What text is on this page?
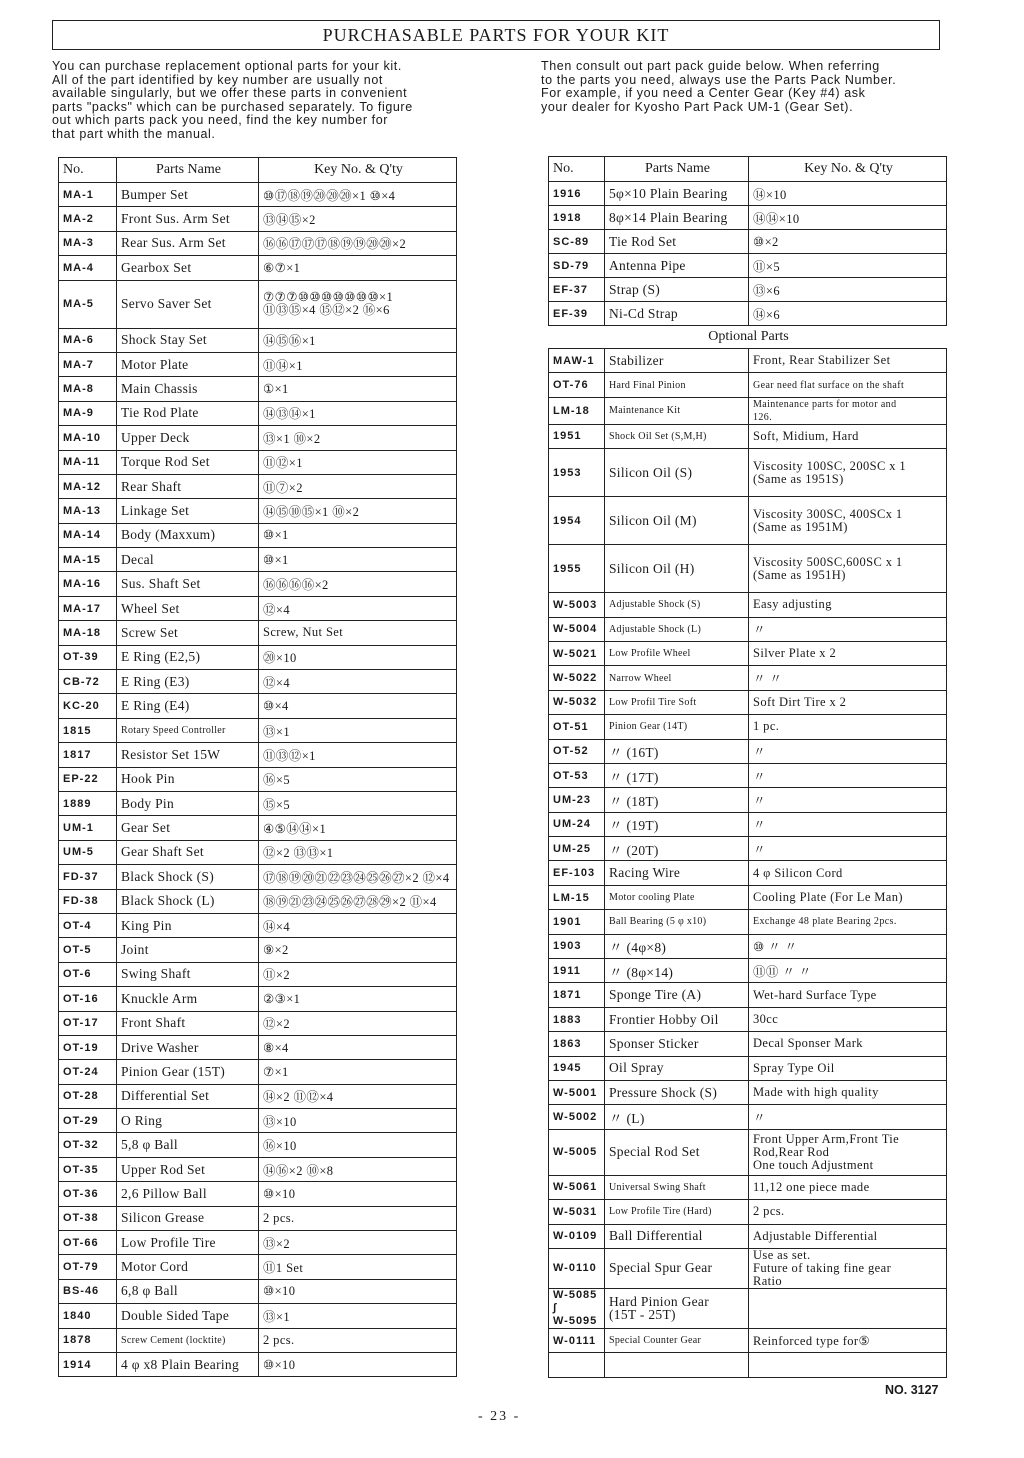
PURCHASABLE PARTS FOR YOUR KIT
You can purchase replacement optional parts for your kit.
All of the part identified by key number are usually not
available singularly, but we offer these parts in convenient
parts "packs" which can be purchased separately. To figure
out which parts pack you need, find the key number for
that part whith the manual.
Then consult out part pack guide below. When referring
to the parts you need, always use the Parts Pack Number.
For example, if you need a Center Gear (Key #4) ask
your dealer for Kyosho Part Pack UM-1 (Gear Set).
No.	Parts Name	Key No. & Q'ty
MA-1	Bumper Set	⑩⑰⑱⑲⑳⑳⑳×1 ⑩×4
MA-2	Front Sus. Arm Set	⑬⑭⑮×2
MA-3	Rear Sus. Arm Set	⑯⑯⑰⑰⑰⑱⑲⑲⑳⑳×2
MA-4	Gearbox Set	⑥⑦×1
MA-5	Servo Saver Set	⑦⑦⑦⑩⑩⑩⑩⑩⑩⑩×1
⑪⑬⑮×4 ⑮⑫×2 ⑯×6
MA-6	Shock Stay Set	⑭⑮⑯×1
MA-7	Motor Plate	⑪⑭×1
MA-8	Main Chassis	①×1
MA-9	Tie Rod Plate	⑭⑬⑭×1
MA-10	Upper Deck	⑬×1 ⑩×2
MA-11	Torque Rod Set	⑪⑫×1
MA-12	Rear Shaft	⑪⑦×2
MA-13	Linkage Set	⑭⑮⑩⑮×1 ⑩×2
MA-14	Body (Maxxum)	⑩×1
MA-15	Decal	⑩×1
MA-16	Sus. Shaft Set	⑯⑯⑯⑯×2
MA-17	Wheel Set	⑫×4
MA-18	Screw Set	Screw, Nut Set
OT-39	E Ring (E2,5)	⑳×10
CB-72	E Ring (E3)	⑫×4
KC-20	E Ring (E4)	⑩×4
1815	Rotary Speed Controller	⑬×1
1817	Resistor Set 15W	⑪⑬⑫×1
EP-22	Hook Pin	⑯×5
1889	Body Pin	⑮×5
UM-1	Gear Set	④⑤⑭⑭×1
UM-5	Gear Shaft Set	⑫×2 ⑬⑬×1
FD-37	Black Shock (S)	⑰⑱⑲⑳㉑㉒㉓㉔㉕㉖㉗×2 ⑫×4
FD-38	Black Shock (L)	⑱⑲㉑㉓㉔㉕㉖㉗㉘㉙×2 ⑪×4
OT-4	King Pin	⑭×4
OT-5	Joint	⑨×2
OT-6	Swing Shaft	⑪×2
OT-16	Knuckle Arm	②③×1
OT-17	Front Shaft	⑫×2
OT-19	Drive Washer	⑧×4
OT-24	Pinion Gear (15T)	⑦×1
OT-28	Differential Set	⑭×2 ⑪⑫×4
OT-29	O Ring	⑬×10
OT-32	5,8 φ Ball	⑯×10
OT-35	Upper Rod Set	⑭⑯×2 ⑩×8
OT-36	2,6 Pillow Ball	⑩×10
OT-38	Silicon Grease	2 pcs.
OT-66	Low Profile Tire	⑬×2
OT-79	Motor Cord	⑪1 Set
BS-46	6,8 φ Ball	⑩×10
1840	Double Sided Tape	⑬×1
1878	Screw Cement (locktite)	2 pcs.
1914	4 φ x8 Plain Bearing	⑩×10
No.	Parts Name	Key No. & Q'ty
1916	5φ×10 Plain Bearing	⑭×10
1918	8φ×14 Plain Bearing	⑭⑭×10
SC-89	Tie Rod Set	⑩×2
SD-79	Antenna Pipe	⑪×5
EF-37	Strap (S)	⑬×6
EF-39	Ni-Cd Strap	⑭×6
Optional Parts		
MAW-1	Stabilizer	Front, Rear Stabilizer Set
OT-76	Hard Final Pinion	Gear need flat surface on the shaft
LM-18	Maintenance Kit	Maintenance parts for motor and
126.
1951	Shock Oil Set (S,M,H)	Soft, Midium, Hard
1953	Silicon Oil (S)	Viscosity 100SC, 200SC x 1
(Same as 1951S)
1954	Silicon Oil (M)	Viscosity 300SC, 400SCx 1
(Same as 1951M)
1955	Silicon Oil (H)	Viscosity 500SC,600SC x 1
(Same as 1951H)
W-5003	Adjustable Shock (S)	Easy adjusting
W-5004	Adjustable Shock (L)	〃
W-5021	Low Profile Wheel	Silver Plate x 2
W-5022	Narrow Wheel	〃 〃
W-5032	Low Profil Tire Soft	Soft Dirt Tire x 2
OT-51	Pinion Gear (14T)	1 pc.
OT-52	〃 (16T)	〃
OT-53	〃 (17T)	〃
UM-23	〃 (18T)	〃
UM-24	〃 (19T)	〃
UM-25	〃 (20T)	〃
EF-103	Racing Wire	4 φ Silicon Cord
LM-15	Motor cooling Plate	Cooling Plate (For Le Man)
1901	Ball Bearing (5 φ x10)	Exchange 48 plate Bearing 2pcs.
1903	〃 (4φ×8)	⑩ 〃 〃
1911	〃 (8φ×14)	⑪⑪ 〃 〃
1871	Sponge Tire (A)	Wet-hard Surface Type
1883	Frontier Hobby Oil	30cc
1863	Sponser Sticker	Decal Sponser Mark
1945	Oil Spray	Spray Type Oil
W-5001	Pressure Shock (S)	Made with high quality
W-5002	〃 (L)	〃
W-5005	Special Rod Set	Front Upper Arm,Front Tie
Rod,Rear Rod
One touch Adjustment
W-5061	Universal Swing Shaft	11,12 one piece made
W-5031	Low Profile Tire (Hard)	2 pcs.
W-0109	Ball Differential	Adjustable Differential
W-0110	Special Spur Gear	Use as set.
Future of taking fine gear
Ratio
W-5085
∫
W-5095	Hard Pinion Gear
(15T - 25T)	
W-0111	Special Counter Gear	Reinforced type for⑤

NO. 3127
- 23 -
